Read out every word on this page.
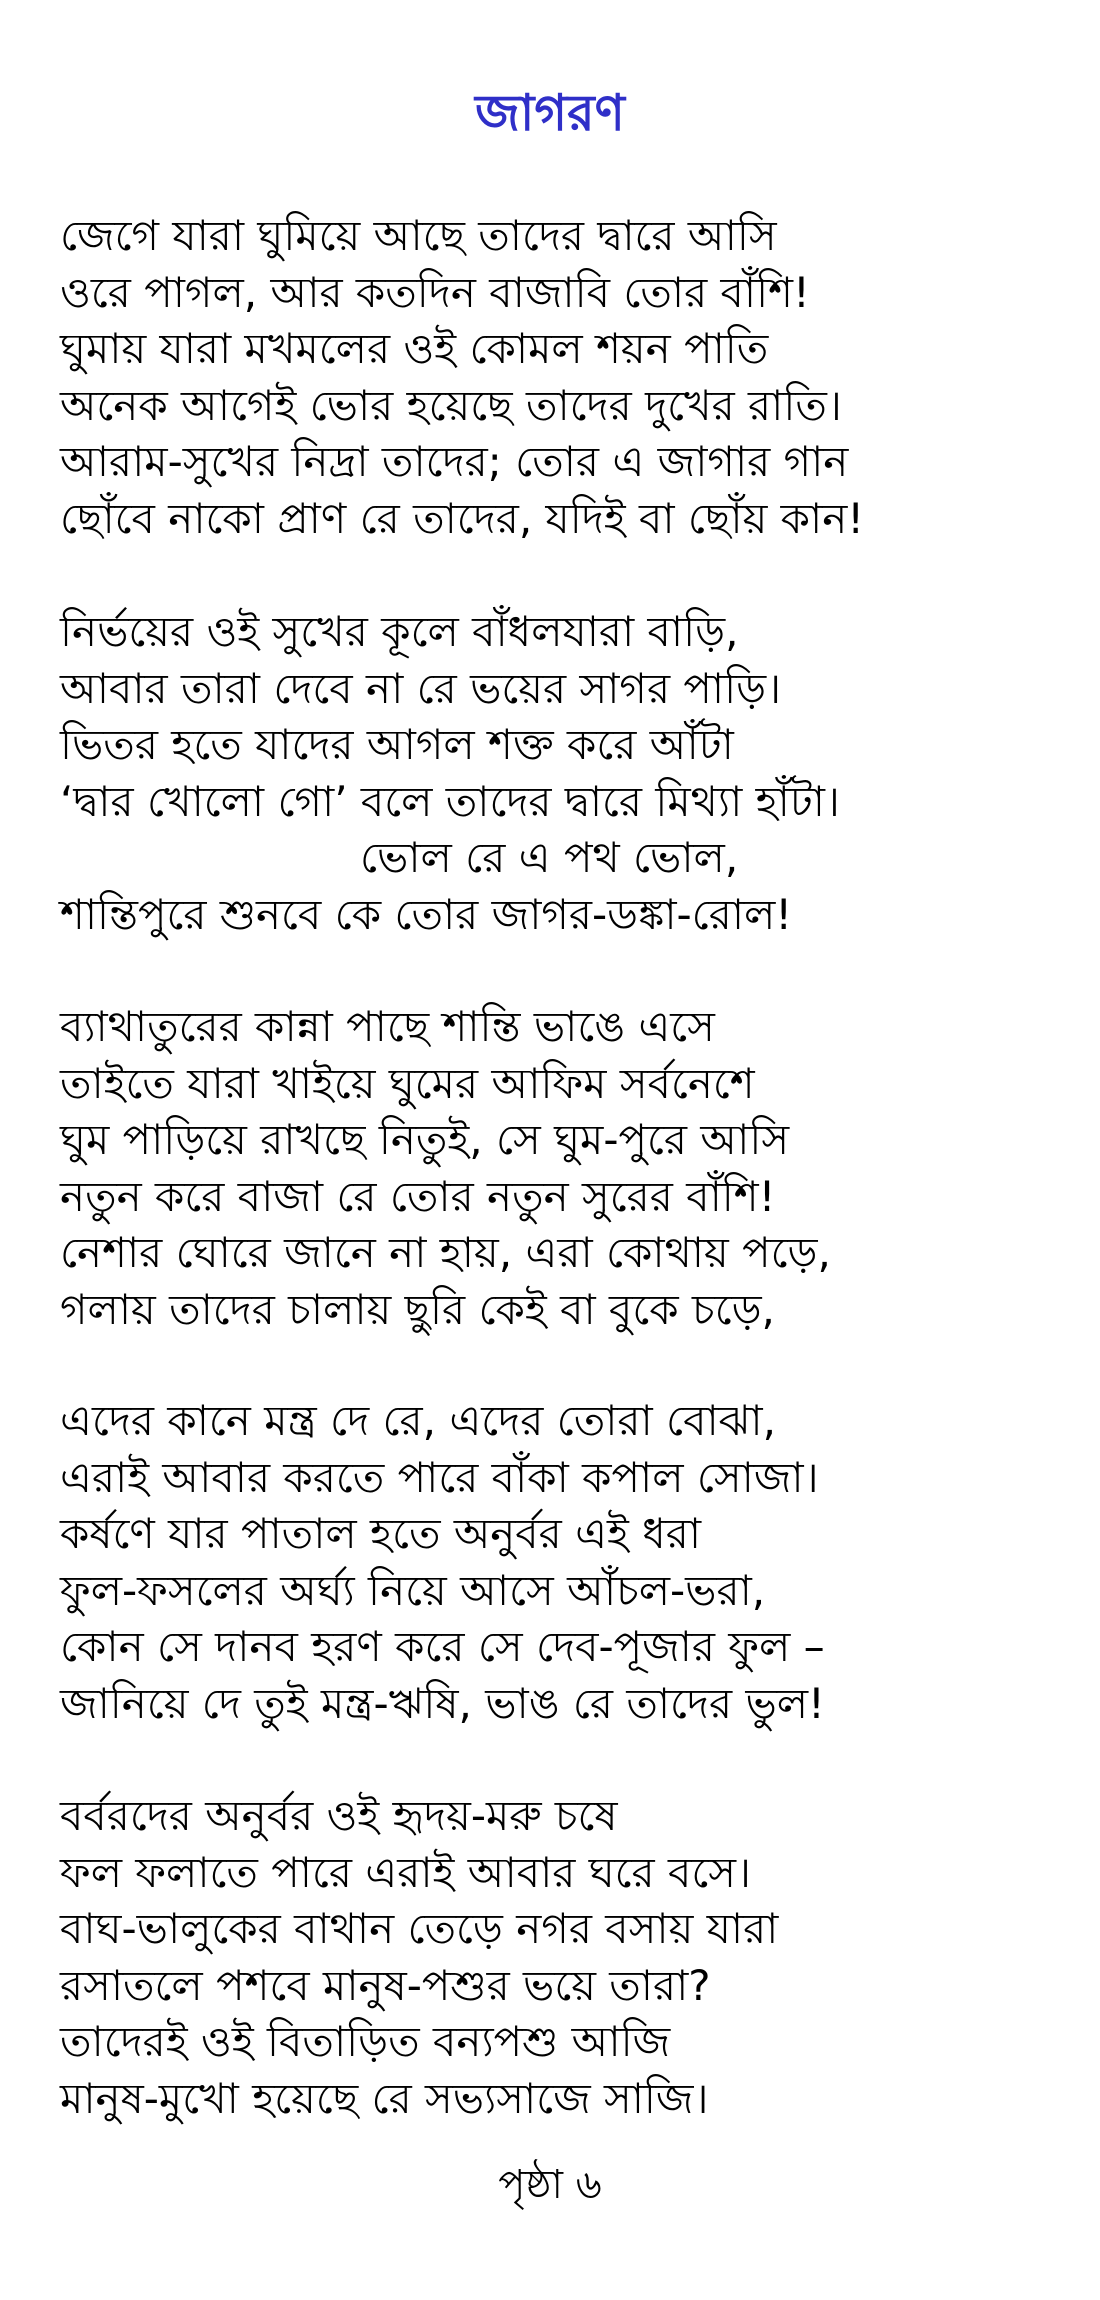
জাগরণ
জেগে যারা ঘুমিয়ে আছে তাদের দ্বারে আসি
ওরে পাগল, আর কতদিন বাজাবি তোর বাঁশি!
ঘুমায় যারা মখমলের ওই কোমল শয়ন পাতি
অনেক আগেই ভোর হয়েছে তাদের দুখের রাতি।
আরাম-সুখের নিদ্রা তাদের; তোর এ জাগার গান
ছোঁবে নাকো প্রাণ রে তাদের, যদিই বা ছোঁয় কান!
নির্ভয়ের ওই সুখের কূলে বাঁধলযারা বাড়ি,
আবার তারা দেবে না রে ভয়ের সাগর পাড়ি।
ভিতর হতে যাদের আগল শক্ত করে আঁটা
‘দ্বার খোলো গো’ বলে তাদের দ্বারে মিথ্যা হাঁটা।
ভোল রে এ পথ ভোল,
শান্তিপুরে শুনবে কে তোর জাগর-ডঙ্কা-রোল!
ব্যাথাতুরের কান্না পাছে শান্তি ভাঙে এসে
তাইতে যারা খাইয়ে ঘুমের আফিম সর্বনেশে
ঘুম পাড়িয়ে রাখছে নিতুই, সে ঘুম-পুরে আসি
নতুন করে বাজা রে তোর নতুন সুরের বাঁশি!
নেশার ঘোরে জানে না হায়, এরা কোথায় পড়ে,
গলায় তাদের চালায় ছুরি কেই বা বুকে চড়ে,
এদের কানে মন্ত্র দে রে, এদের তোরা বোঝা,
এরাই আবার করতে পারে বাঁকা কপাল সোজা।
কর্ষণে যার পাতাল হতে অনুর্বর এই ধরা
ফুল-ফসলের অর্ঘ্য নিয়ে আসে আঁচল-ভরা,
কোন সে দানব হরণ করে সে দেব-পূজার ফুল –
জানিয়ে দে তুই মন্ত্র-ঋষি, ভাঙ রে তাদের ভুল!
বর্বরদের অনুর্বর ওই হৃদয়-মরু চষে
ফল ফলাতে পারে এরাই আবার ঘরে বসে।
বাঘ-ভালুকের বাথান তেড়ে নগর বসায় যারা
রসাতলে পশবে মানুষ-পশুর ভয়ে তারা?
তাদেরই ওই বিতাড়িত বন্যপশু আজি
মানুষ-মুখো হয়েছে রে সভ্যসাজে সাজি।
পৃষ্ঠা ৬
